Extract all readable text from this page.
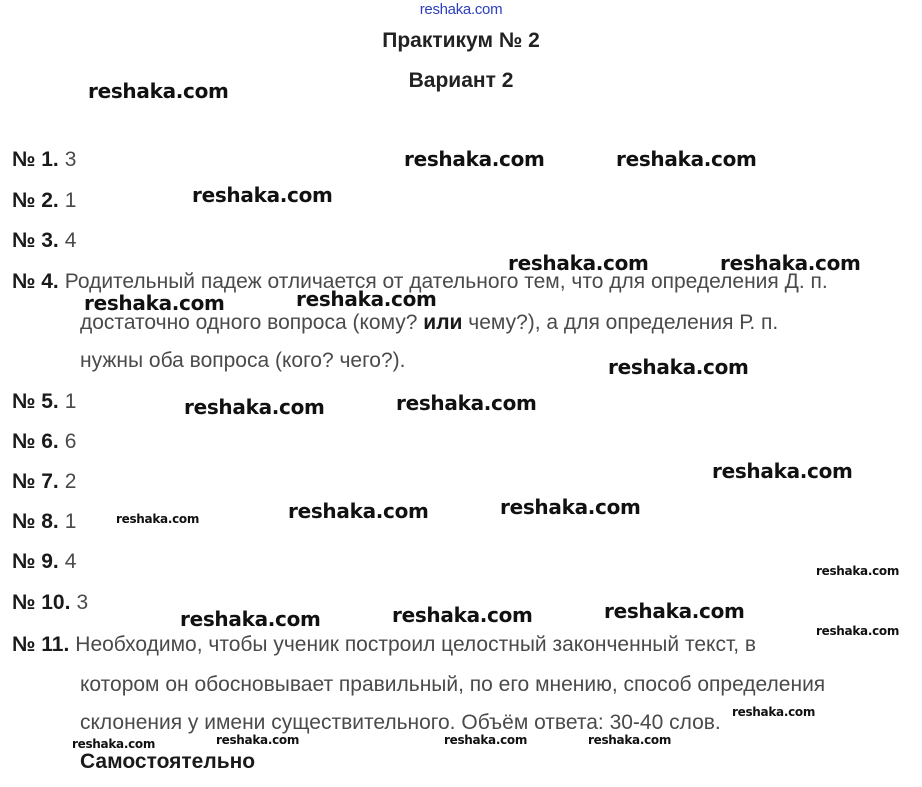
reshaka.com
Практикум № 2
Вариант 2
№ 1. 3
№ 2. 1
№ 3. 4
№ 4. Родительный падеж отличается от дательного тем, что для определения Д. п.
достаточно одного вопроса (кому? или чему?), а для определения Р. п.
нужны оба вопроса (кого? чего?).
№ 5. 1
№ 6. 6
№ 7. 2
№ 8. 1
№ 9. 4
№ 10. 3
№ 11. Необходимо, чтобы ученик построил целостный законченный текст, в
котором он обосновывает правильный, по его мнению, способ определения
склонения у имени существительного. Объём ответа: 30-40 слов.
Самостоятельно
reshaka.com
reshaka.com	reshaka.com
reshaka.com
reshaka.com	reshaka.com
reshaka.com	reshaka.com
reshaka.com
reshaka.com	reshaka.com
reshaka.com
reshaka.com	reshaka.com
reshaka.com	reshaka.com	reshaka.com
reshaka.com
reshaka.com
reshaka.com
reshaka.com
reshaka.com	reshaka.com	reshaka.com	reshaka.com
